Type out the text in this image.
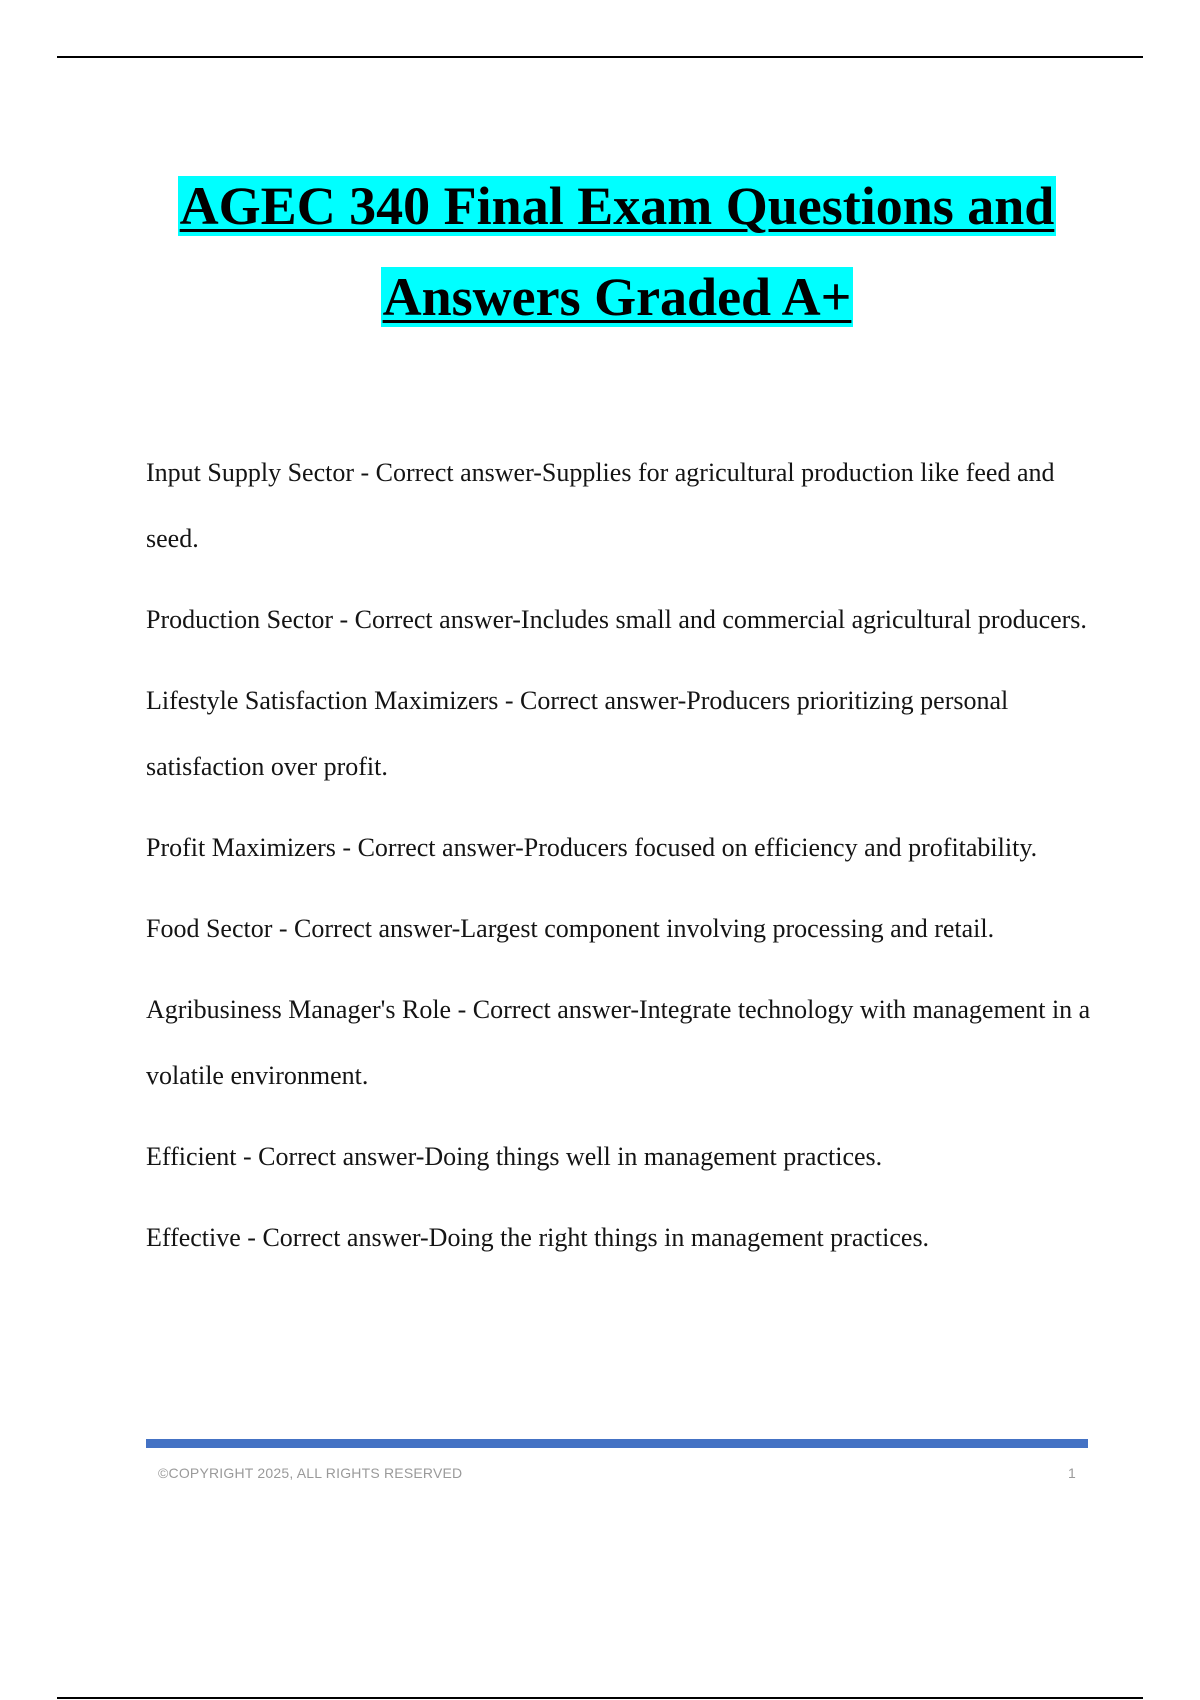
AGEC 340 Final Exam Questions and
Answers Graded A+

Input Supply Sector - Correct answer-Supplies for agricultural production like feed and seed.

Production Sector - Correct answer-Includes small and commercial agricultural producers.

Lifestyle Satisfaction Maximizers - Correct answer-Producers prioritizing personal satisfaction over profit.

Profit Maximizers - Correct answer-Producers focused on efficiency and profitability.

Food Sector - Correct answer-Largest component involving processing and retail.

Agribusiness Manager's Role - Correct answer-Integrate technology with management in a volatile environment.

Efficient - Correct answer-Doing things well in management practices.

Effective - Correct answer-Doing the right things in management practices.

©COPYRIGHT 2025, ALL RIGHTS RESERVED	1
